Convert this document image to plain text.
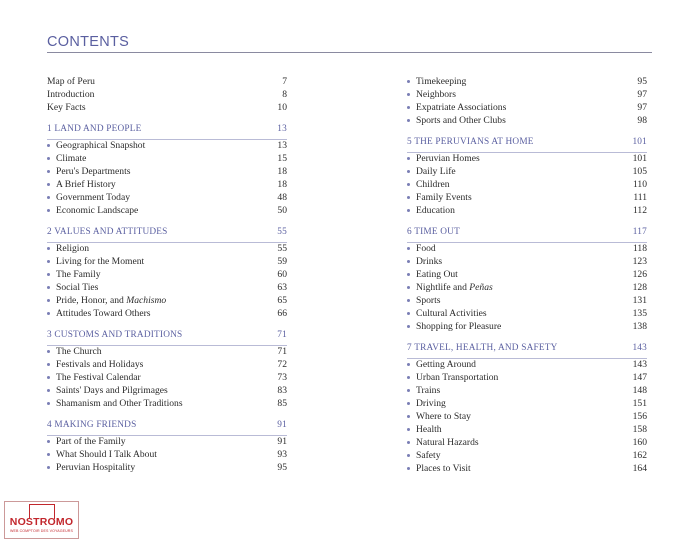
CONTENTS
Map of Peru	7
Introduction	8
Key Facts	10
1 LAND AND PEOPLE	13
Geographical Snapshot	13
Climate	15
Peru's Departments	18
A Brief History	18
Government Today	48
Economic Landscape	50
2 VALUES AND ATTITUDES	55
Religion	55
Living for the Moment	59
The Family	60
Social Ties	63
Pride, Honor, and Machismo	65
Attitudes Toward Others	66
3 CUSTOMS AND TRADITIONS	71
The Church	71
Festivals and Holidays	72
The Festival Calendar	73
Saints' Days and Pilgrimages	83
Shamanism and Other Traditions	85
4 MAKING FRIENDS	91
Part of the Family	91
What Should I Talk About	93
Peruvian Hospitality	95
Timekeeping	95
Neighbors	97
Expatriate Associations	97
Sports and Other Clubs	98
5 THE PERUVIANS AT HOME	101
Peruvian Homes	101
Daily Life	105
Children	110
Family Events	111
Education	112
6 TIME OUT	117
Food	118
Drinks	123
Eating Out	126
Nightlife and Peñas	128
Sports	131
Cultural Activities	135
Shopping for Pleasure	138
7 TRAVEL, HEALTH, AND SAFETY	143
Getting Around	143
Urban Transportation	147
Trains	148
Driving	151
Where to Stay	156
Health	158
Natural Hazards	160
Safety	162
Places to Visit	164
NOSTROMO
WEB COMPTOIR DES VOYAGEURS
